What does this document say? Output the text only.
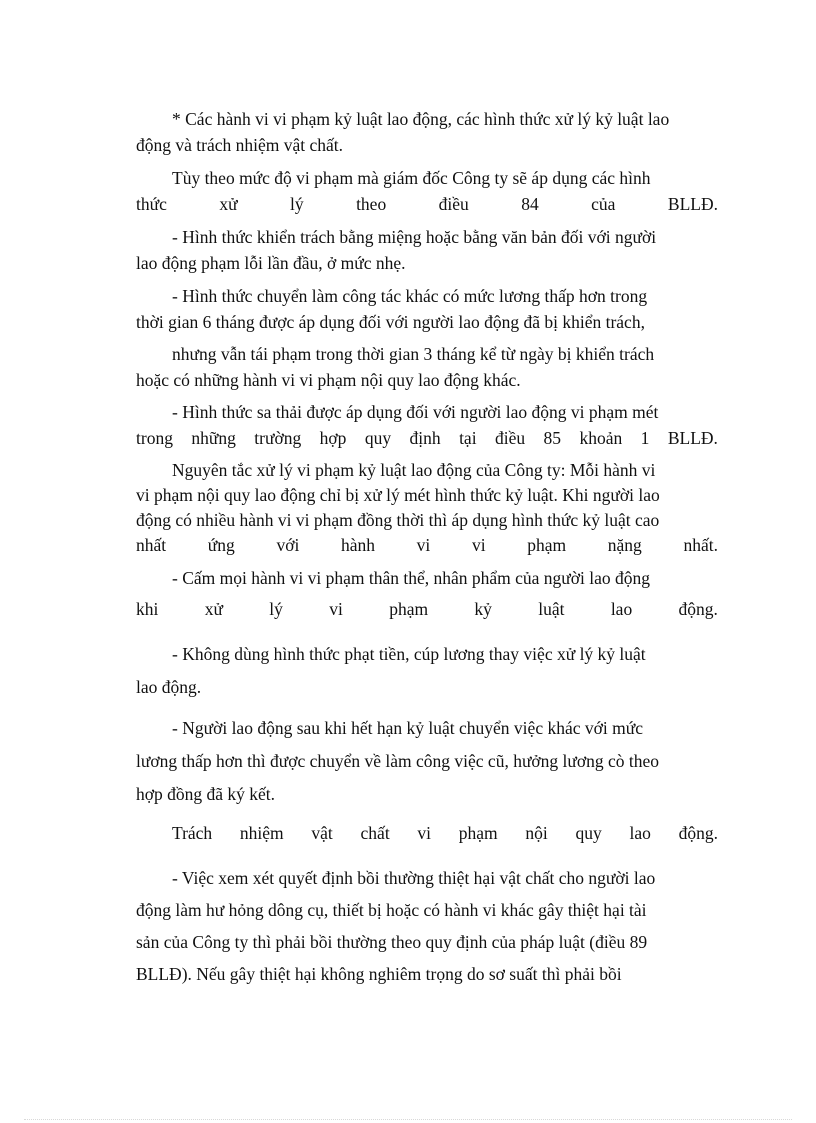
* Các hành vi vi phạm kỷ luật lao động, các hình thức xử lý kỷ luật lao
động và trách nhiệm vật chất.
Tùy theo mức độ vi phạm mà giám đốc Công ty sẽ áp dụng các hình
thức	xử	lý	theo	điều	84	của	BLLĐ.
- Hình thức khiển trách bằng miệng hoặc bằng văn bản đối với người
lao động phạm lỗi lần đầu, ở mức nhẹ.
- Hình thức chuyển làm công tác khác có mức lương thấp hơn trong
thời gian 6 tháng được áp dụng đối với người lao động đã bị khiển trách,
nhưng vẫn tái phạm trong thời gian 3 tháng kể từ ngày bị khiển trách
hoặc có những hành vi vi phạm nội quy lao động khác.
- Hình thức sa thải được áp dụng đối với người lao động vi phạm mét
trong những trường hợp quy định tại điều 85 khoản 1 BLLĐ.
Nguyên tắc xử lý vi phạm kỷ luật lao động của Công ty: Mỗi hành vi
vi phạm nội quy lao động chỉ bị xử lý mét hình thức kỷ luật. Khi người lao
động có nhiều hành vi vi phạm đồng thời thì áp dụng hình thức kỷ luật cao
nhất ứng với hành vi vi phạm nặng nhất.
- Cấm mọi hành vi vi phạm thân thể, nhân phẩm của người lao động
khi	xử	lý	vi	phạm	kỷ	luật	lao	động.
- Không dùng hình thức phạt tiền, cúp lương thay việc xử lý kỷ luật
lao động.
- Người lao động sau khi hết hạn kỷ luật chuyển việc khác với mức
lương thấp hơn thì được chuyển về làm công việc cũ, hưởng lương cò theo
hợp đồng đã ký kết.
Trách nhiệm vật chất vi phạm nội quy lao động.
- Việc xem xét quyết định bồi thường thiệt hại vật chất cho người lao
động làm hư hỏng dông cụ, thiết bị hoặc có hành vi khác gây thiệt hại tài
sản của Công ty thì phải bồi thường theo quy định của pháp luật (điều 89
BLLĐ). Nếu gây thiệt hại không nghiêm trọng do sơ suất thì phải bồi
